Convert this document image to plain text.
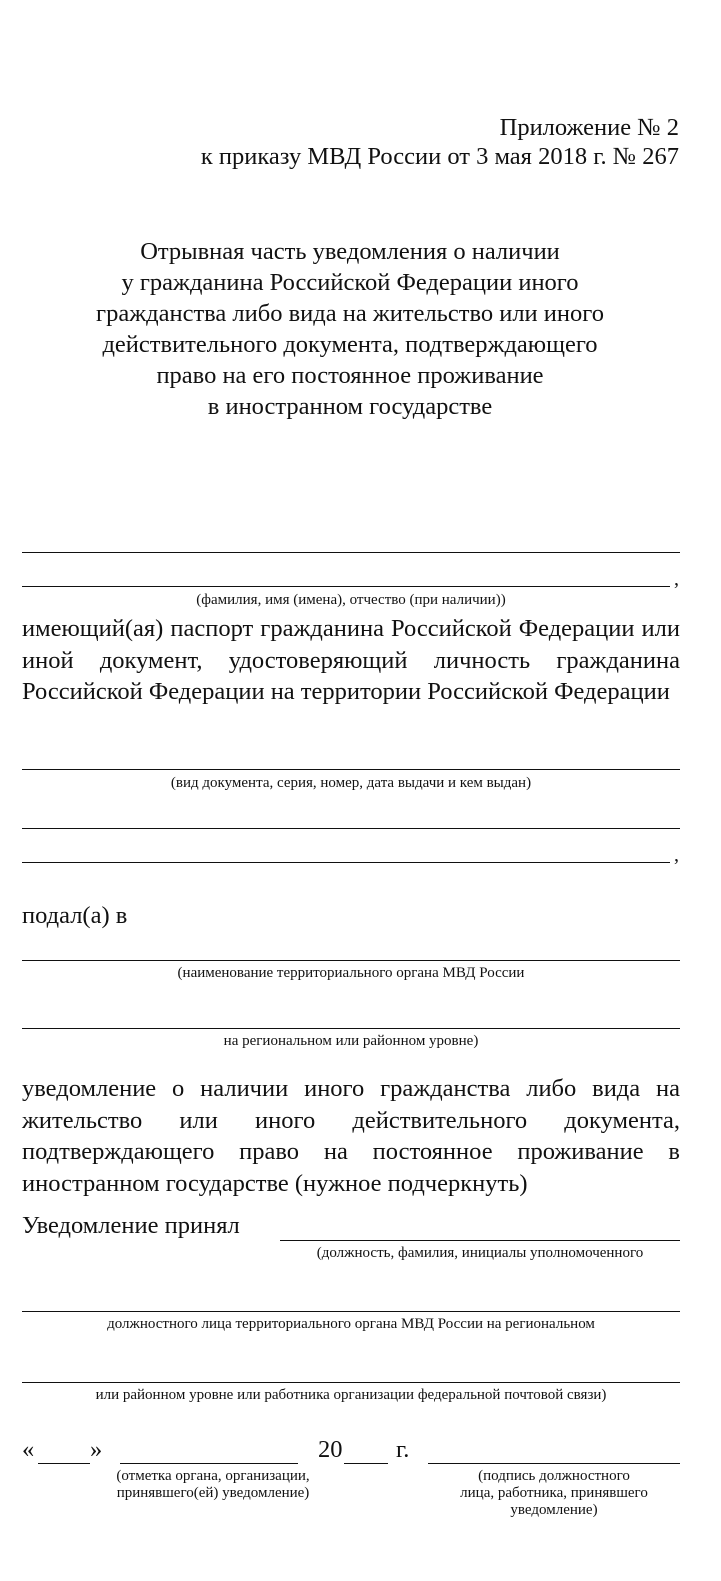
Приложение № 2
к приказу МВД России от 3 мая 2018 г. № 267
Отрывная часть уведомления о наличии
у гражданина Российской Федерации иного
гражданства либо вида на жительство или иного
действительного документа, подтверждающего
право на его постоянное проживание
в иностранном государстве
,
(фамилия, имя (имена), отчество (при наличии))
имеющий(ая) паспорт гражданина Российской Федерации или иной документ, удостоверяющий личность гражданина Российской Федерации на территории Российской Федерации
(вид документа, серия, номер, дата выдачи и кем выдан)
,
подал(а) в
(наименование территориального органа МВД России
на региональном или районном уровне)
уведомление о наличии иного гражданства либо вида на жительство или иного действительного документа, подтверждающего право на постоянное проживание в иностранном государстве (нужное подчеркнуть)
Уведомление принял
(должность, фамилия, инициалы уполномоченного
должностного лица территориального органа МВД России на региональном
или районном уровне или работника организации федеральной почтовой связи)
« »	20 г.
(отметка органа, организации,
принявшего(ей) уведомление)
(подпись должностного
лица, работника, принявшего
уведомление)
